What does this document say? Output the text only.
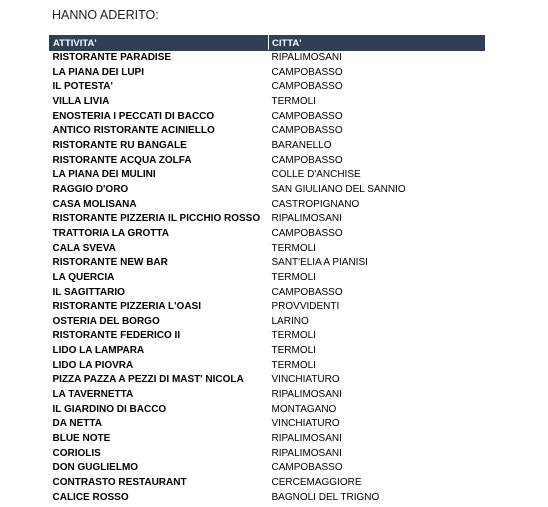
HANNO ADERITO:
ATTIVITA'	CITTA'
RISTORANTE PARADISE	RIPALIMOSANI
LA PIANA DEI LUPI	CAMPOBASSO
IL POTESTA'	CAMPOBASSO
VILLA LIVIA	TERMOLI
ENOSTERIA I PECCATI DI BACCO	CAMPOBASSO
ANTICO RISTORANTE ACINIELLO	CAMPOBASSO
RISTORANTE RU BANGALE	BARANELLO
RISTORANTE ACQUA ZOLFA	CAMPOBASSO
LA PIANA DEI MULINI	COLLE D'ANCHISE
RAGGIO D'ORO	SAN GIULIANO DEL SANNIO
CASA MOLISANA	CASTROPIGNANO
RISTORANTE PIZZERIA IL PICCHIO ROSSO	RIPALIMOSANI
TRATTORIA LA GROTTA	CAMPOBASSO
CALA SVEVA	TERMOLI
RISTORANTE NEW BAR	SANT'ELIA A PIANISI
LA QUERCIA	TERMOLI
IL SAGITTARIO	CAMPOBASSO
RISTORANTE PIZZERIA L'OASI	PROVVIDENTI
OSTERIA DEL BORGO	LARINO
RISTORANTE FEDERICO II	TERMOLI
LIDO LA LAMPARA	TERMOLI
LIDO LA PIOVRA	TERMOLI
PIZZA PAZZA A PEZZI DI MAST' NICOLA	VINCHIATURO
LA TAVERNETTA	RIPALIMOSANI
IL GIARDINO DI BACCO	MONTAGANO
DA NETTA	VINCHIATURO
BLUE NOTE	RIPALIMOSANI
CORIOLIS	RIPALIMOSANI
DON GUGLIELMO	CAMPOBASSO
CONTRASTO RESTAURANT	CERCEMAGGIORE
CALICE ROSSO	BAGNOLI DEL TRIGNO
